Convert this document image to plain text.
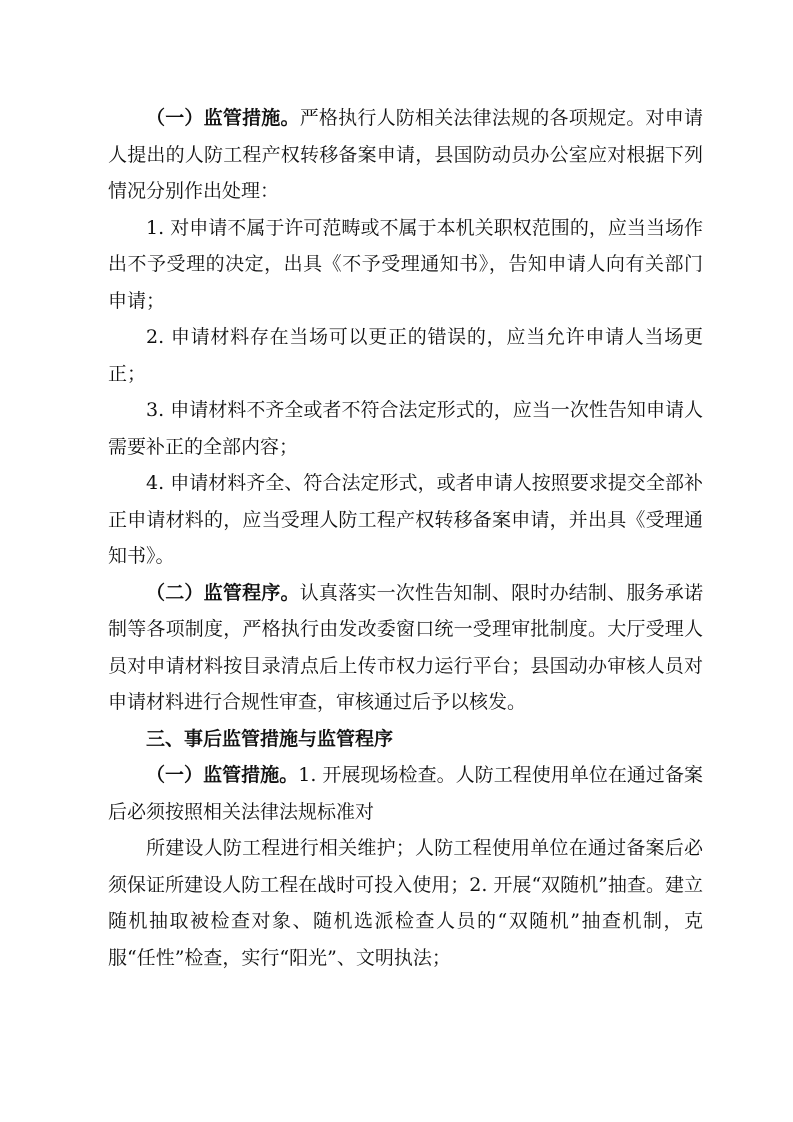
（一）监管措施。严格执行人防相关法律法规的各项规定。对申请人提出的人防工程产权转移备案申请，县国防动员办公室应对根据下列情况分别作出处理：

1. 对申请不属于许可范畴或不属于本机关职权范围的，应当当场作出不予受理的决定，出具《不予受理通知书》，告知申请人向有关部门申请；

2. 申请材料存在当场可以更正的错误的，应当允许申请人当场更正；

3. 申请材料不齐全或者不符合法定形式的，应当一次性告知申请人需要补正的全部内容；

4. 申请材料齐全、符合法定形式，或者申请人按照要求提交全部补正申请材料的，应当受理人防工程产权转移备案申请，并出具《受理通知书》。

（二）监管程序。认真落实一次性告知制、限时办结制、服务承诺制等各项制度，严格执行由发改委窗口统一受理审批制度。大厅受理人员对申请材料按目录清点后上传市权力运行平台；县国动办审核人员对申请材料进行合规性审查，审核通过后予以核发。

三、事后监管措施与监管程序

（一）监管措施。1. 开展现场检查。人防工程使用单位在通过备案后必须按照相关法律法规标准对

所建设人防工程进行相关维护；人防工程使用单位在通过备案后必须保证所建设人防工程在战时可投入使用；2. 开展“双随机”抽查。建立随机抽取被检查对象、随机选派检查人员的“双随机”抽查机制，克服“任性”检查，实行“阳光”、文明执法；
